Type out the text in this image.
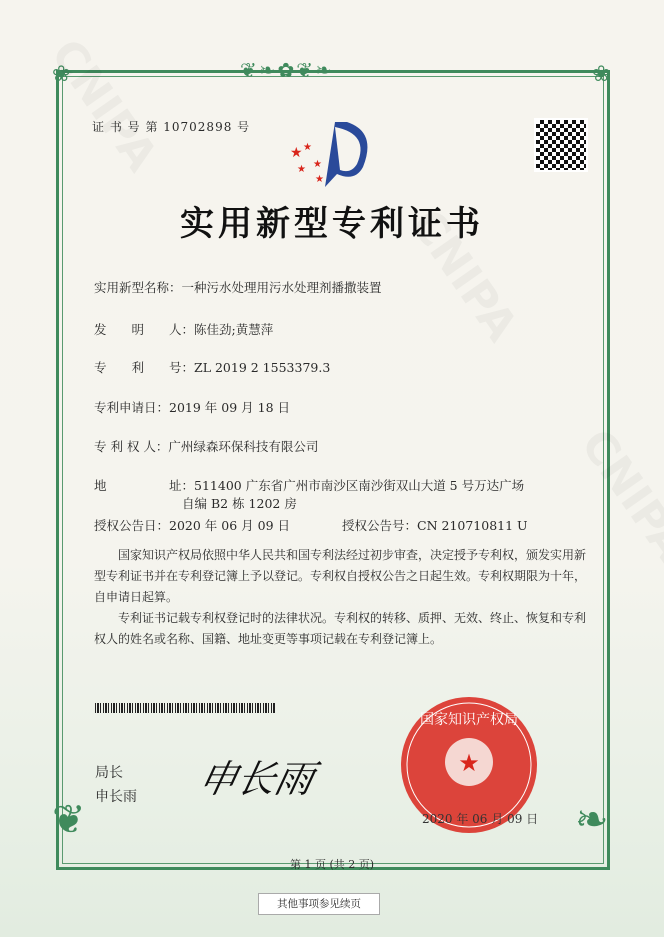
❦❧✿❦❧
❀	❀
❦	❧
证 书 号 第 10702898 号
★ ★
★ ★
★
实用新型专利证书
实用新型名称：一种污水处理用污水处理剂播撒装置
发　　明　　人：陈佳劲;黄慧萍
专　　利　　号：ZL 2019 2 1553379.3
专利申请日：2019 年 09 月 18 日
专 利 权 人：广州绿森环保科技有限公司
地　　　　　址：511400 广东省广州市南沙区南沙街双山大道 5 号万达广场
自编 B2 栋 1202 房
授权公告日：2020 年 06 月 09 日	授权公告号：CN 210710811 U
国家知识产权局依照中华人民共和国专利法经过初步审查，决定授予专利权，颁发实用新型专利证书并在专利登记簿上予以登记。专利权自授权公告之日起生效。专利权期限为十年，自申请日起算。
专利证书记载专利权登记时的法律状况。专利权的转移、质押、无效、终止、恢复和专利权人的姓名或名称、国籍、地址变更等事项记载在专利登记簿上。
局长
申长雨 申长雨	★
国家知识产权局
2020 年 06 月 09 日
第 1 页 (共 2 页)
其他事项参见续页
